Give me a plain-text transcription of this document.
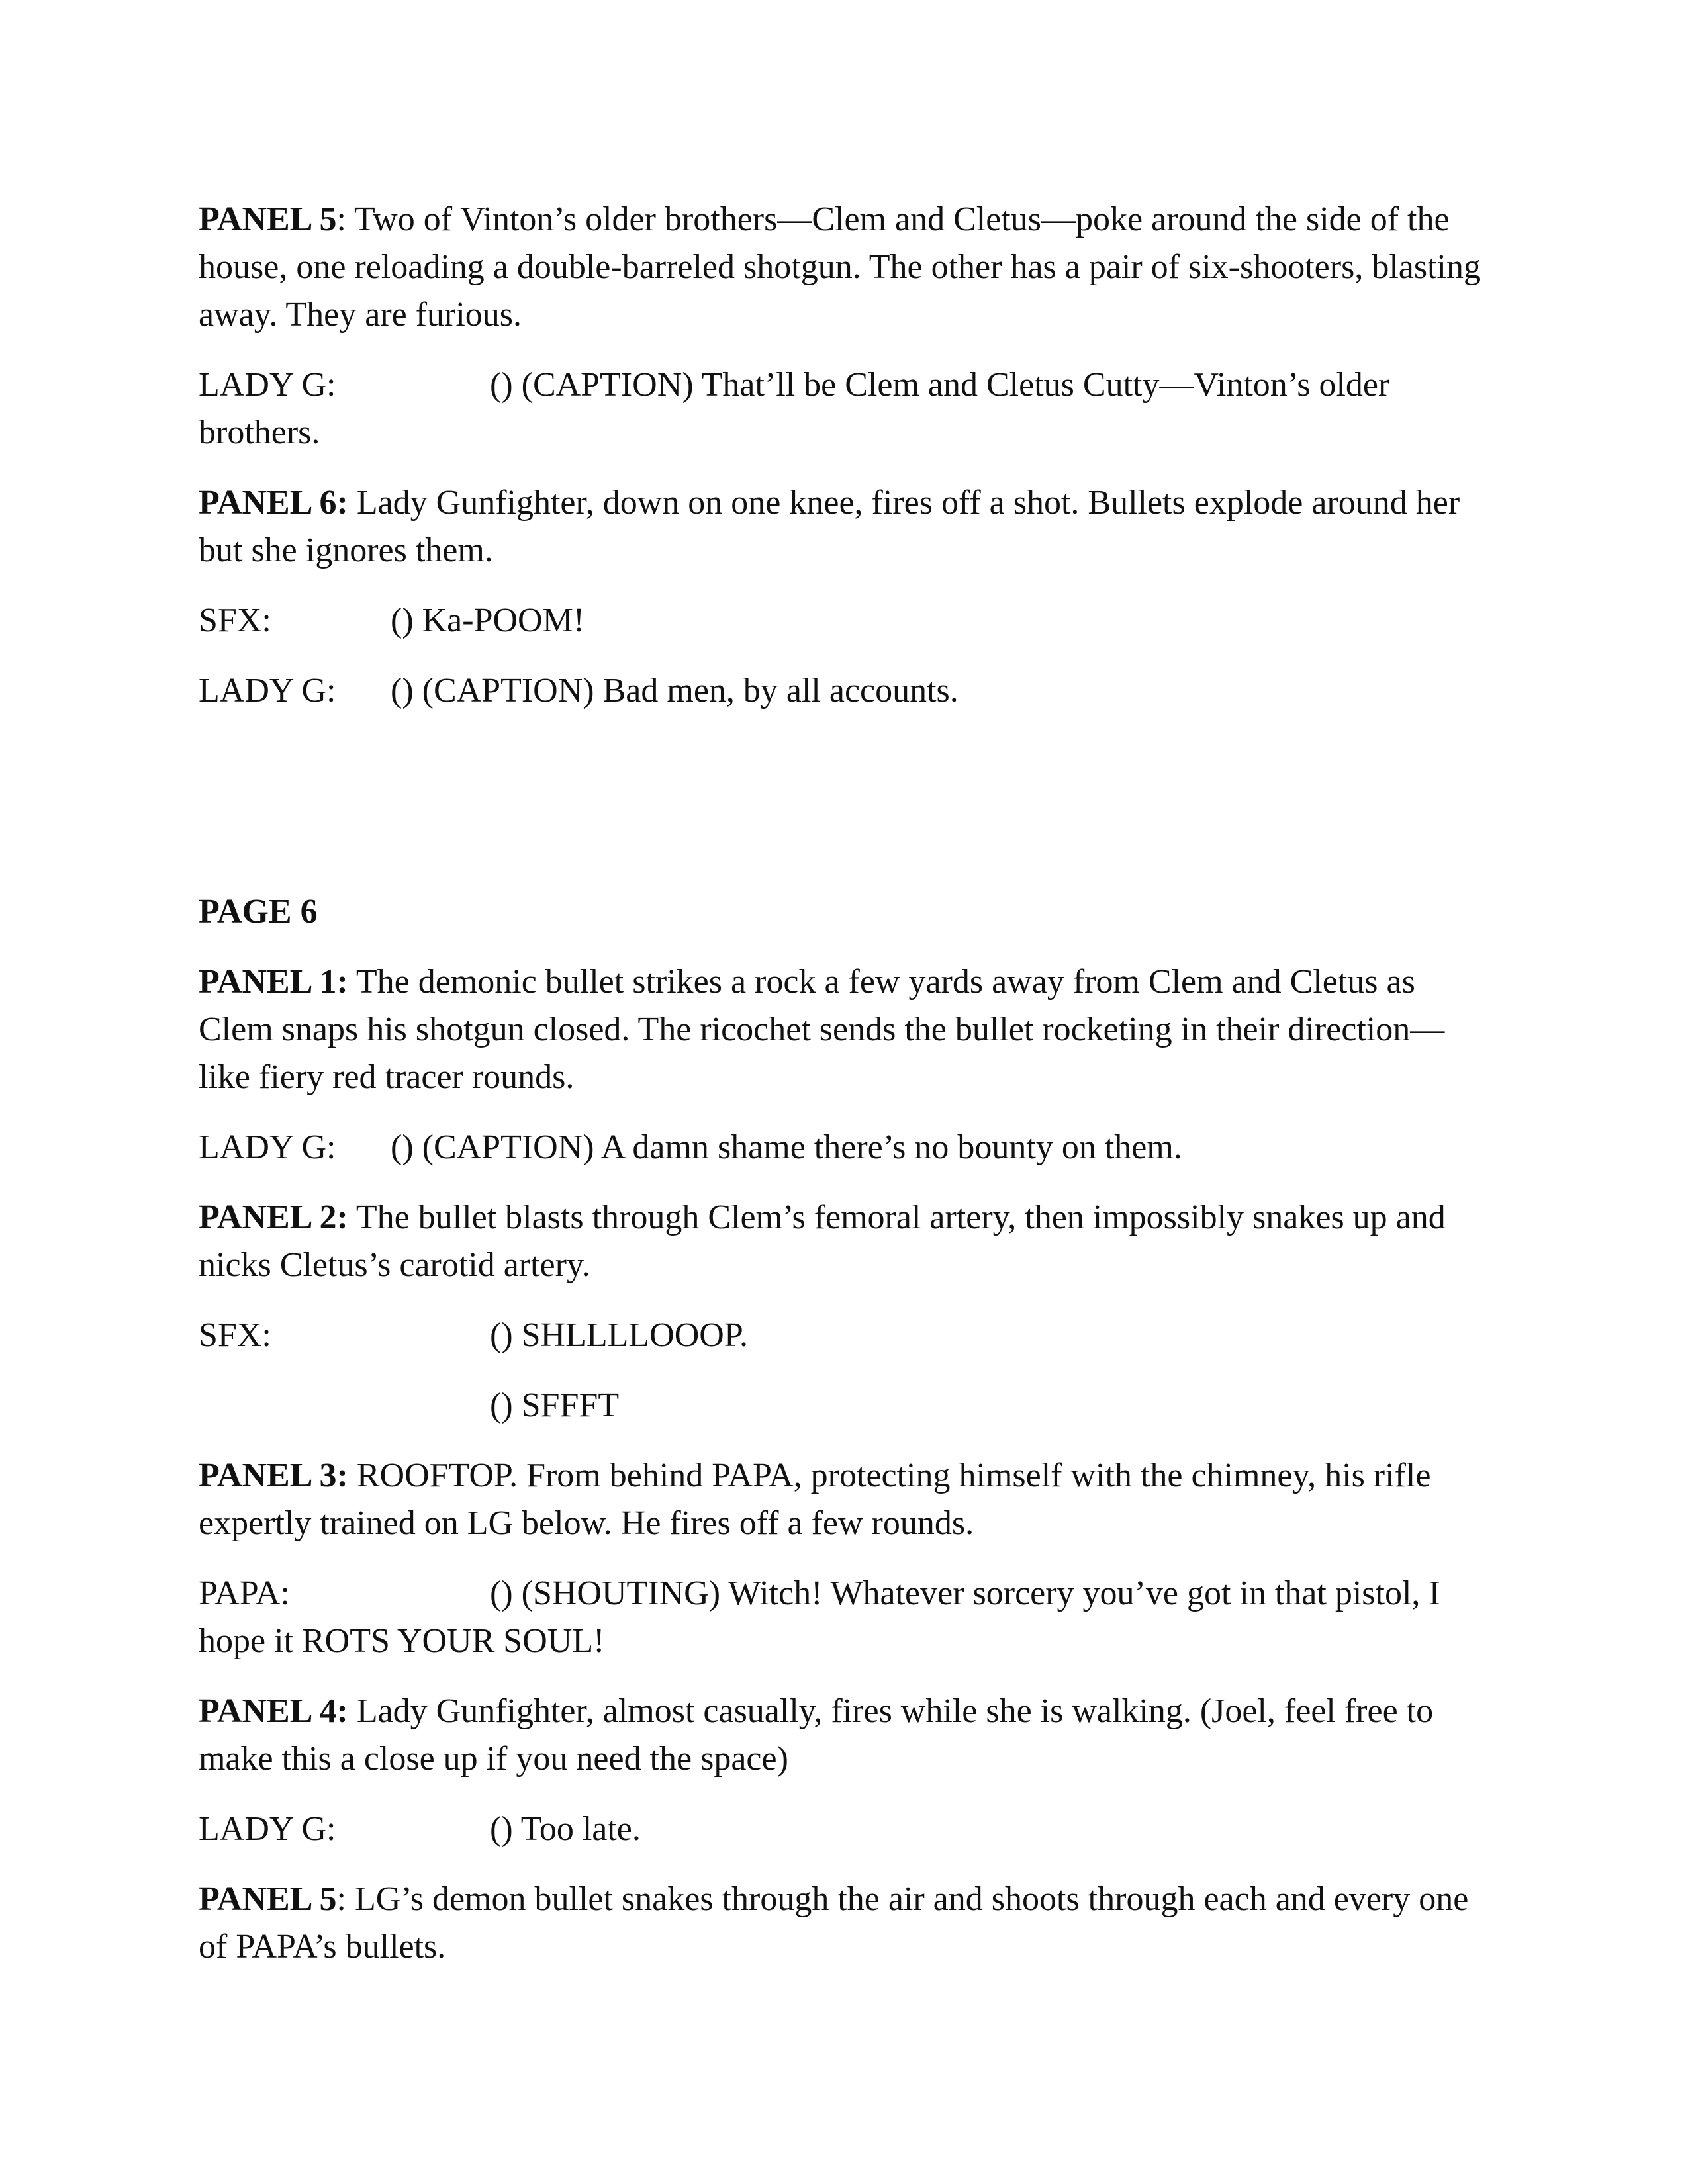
PANEL 5: Two of Vinton’s older brothers—Clem and Cletus—poke around the side of the house, one reloading a double-barreled shotgun. The other has a pair of six-shooters, blasting away. They are furious.

LADY G:	() (CAPTION) That’ll be Clem and Cletus Cutty—Vinton’s older brothers.

PANEL 6: Lady Gunfighter, down on one knee, fires off a shot. Bullets explode around her but she ignores them.

SFX:	() Ka-POOM!

LADY G: () (CAPTION) Bad men, by all accounts.

PAGE 6

PANEL 1: The demonic bullet strikes a rock a few yards away from Clem and Cletus as Clem snaps his shotgun closed. The ricochet sends the bullet rocketing in their direction—like fiery red tracer rounds.

LADY G: () (CAPTION) A damn shame there’s no bounty on them.

PANEL 2: The bullet blasts through Clem’s femoral artery, then impossibly snakes up and nicks Cletus’s carotid artery.

SFX:	() SHLLLLOOOP.

() SFFFT

PANEL 3: ROOFTOP. From behind PAPA, protecting himself with the chimney, his rifle expertly trained on LG below. He fires off a few rounds.

PAPA:	() (SHOUTING) Witch! Whatever sorcery you’ve got in that pistol, I hope it ROTS YOUR SOUL!

PANEL 4: Lady Gunfighter, almost casually, fires while she is walking. (Joel, feel free to make this a close up if you need the space)

LADY G:	() Too late.

PANEL 5: LG’s demon bullet snakes through the air and shoots through each and every one of PAPA’s bullets.
